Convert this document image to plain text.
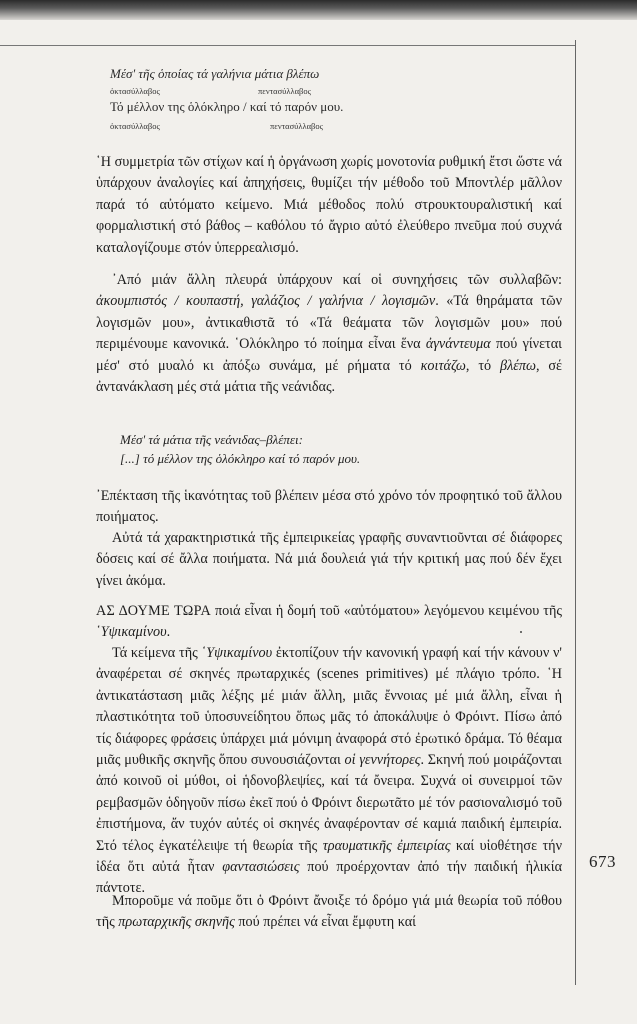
673
Μέσ' τῆς ὁποίας τά γαλήνια μάτια βλέπω
ὀκτασύλλαβος	πεντασύλλαβος
Τό μέλλον της ὁλόκληρο / καί τό παρόν μου.
ὀκτασύλλαβος	πεντασύλλαβος
῾Η συμμετρία τῶν στίχων καί ἡ ὀργάνωση χωρίς μονοτονία ρυθμική ἔτσι ὥστε νά ὑπάρχουν ἀναλογίες καί ἀπηχήσεις, θυμίζει τήν μέθοδο τοῦ Μποντλέρ μᾶλλον παρά τό αὐτόματο κείμενο. Μιά μέθοδος πολύ στρουκτουραλιστική καί φορμαλιστική στό βάθος – καθόλου τό ἄγριο αὐτό ἐλεύθερο πνεῦμα πού συχνά καταλογίζουμε στόν ὑπερρεαλισμό.
᾿Από μιάν ἄλλη πλευρά ὑπάρχουν καί οἱ συνηχήσεις τῶν συλλαβῶν: ἀκουμπιστός / κουπαστή, γαλάζιος / γαλήνια / λογισμῶν. «Τά θηράματα τῶν λογισμῶν μου», ἀντικαθιστᾶ τό «Τά θεάματα τῶν λογισμῶν μου» πού περιμένουμε κανονικά. ῾Ολόκληρο τό ποίημα εἶναι ἕνα ἀγνάντευμα πού γίνεται μέσ' στό μυαλό κι ἀπόξω συνάμα, μέ ρήματα τό κοιτάζω, τό βλέπω, σέ ἀντανάκλαση μές στά μάτια τῆς νεάνιδας.
Μέσ' τά μάτια τῆς νεάνιδας–βλέπει:
[...] τό μέλλον της ὁλόκληρο καί τό παρόν μου.
᾿Επέκταση τῆς ἱκανότητας τοῦ βλέπειν μέσα στό χρόνο τόν προφητικό τοῦ ἄλλου ποιήματος.
Αὐτά τά χαρακτηριστικά τῆς ἐμπειρικείας γραφῆς συναντιοῦνται σέ διάφορες δόσεις καί σέ ἄλλα ποιήματα. Νά μιά δουλειά γιά τήν κριτική μας πού δέν ἔχει γίνει ἀκόμα.
ΑΣ ΔΟΥΜΕ ΤΩΡΑ ποιά εἶναι ἡ δομή τοῦ «αὐτόματου» λεγόμενου κειμένου τῆς ῾Υψικαμίνου.
Τά κείμενα τῆς ῾Υψικαμίνου ἐκτοπίζουν τήν κανονική γραφή καί τήν κάνουν ν' ἀναφέρεται σέ σκηνές πρωταρχικές (scenes primitives) μέ πλάγιο τρόπο. ῾Η ἀντικατάσταση μιᾶς λέξης μέ μιάν ἄλλη, μιᾶς ἔννοιας μέ μιά ἄλλη, εἶναι ἡ πλαστικότητα τοῦ ὑποσυνείδητου ὅπως μᾶς τό ἀποκάλυψε ὁ Φρόιντ. Πίσω ἀπό τίς διάφορες φράσεις ὑπάρχει μιά μόνιμη ἀναφορά στό ἐρωτικό δράμα. Τό θέαμα μιᾶς μυθικῆς σκηνῆς ὅπου συνουσιάζονται οἱ γεννήτορες. Σκηνή πού μοιράζονται ἀπό κοινοῦ οἱ μύθοι, οἱ ἡδονοβλεψίες, καί τά ὄνειρα. Συχνά οἱ συνειρμοί τῶν ρεμβασμῶν ὁδηγοῦν πίσω ἐκεῖ πού ὁ Φρόιντ διερωτᾶτο μέ τόν ρασιοναλισμό τοῦ ἐπιστήμονα, ἄν τυχόν αὐτές οἱ σκηνές ἀναφέρονταν σέ καμιά παιδική ἐμπειρία. Στό τέλος ἐγκατέλειψε τή θεωρία τῆς τραυματικῆς ἐμπειρίας καί υἱοθέτησε τήν ἰδέα ὅτι αὐτά ἦταν φαντασιώσεις πού προέρχονταν ἀπό τήν παιδική ἡλικία πάντοτε.
Μποροῦμε νά ποῦμε ὅτι ὁ Φρόιντ ἄνοιξε τό δρόμο γιά μιά θεωρία τοῦ πόθου τῆς πρωταρχικῆς σκηνῆς πού πρέπει νά εἶναι ἔμφυτη καί
